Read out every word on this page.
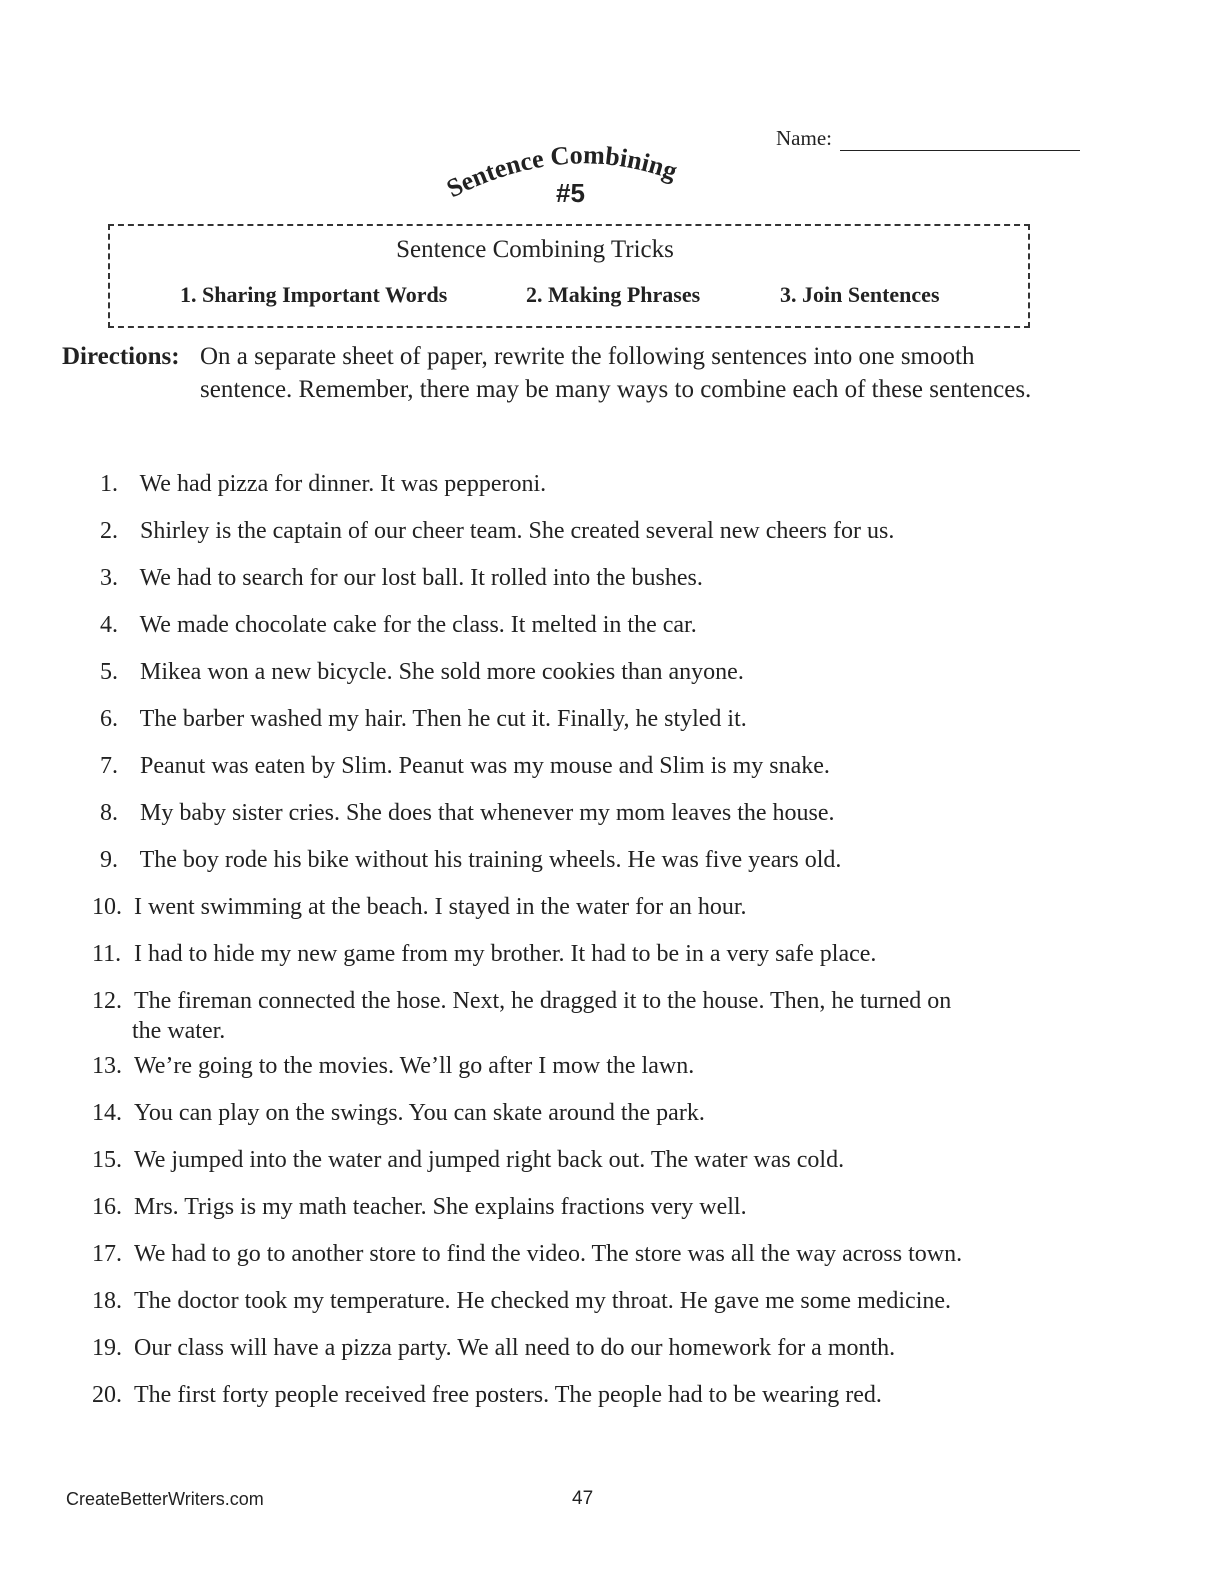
Name:
Sentence Combining
#5
Sentence Combining Tricks
1. Sharing Important Words	2. Making Phrases	3. Join Sentences
Directions: On a separate sheet of paper, rewrite the following sentences into one smooth sentence. Remember, there may be many ways to combine each of these sentences.
1. We had pizza for dinner. It was pepperoni.
2. Shirley is the captain of our cheer team. She created several new cheers for us.
3. We had to search for our lost ball. It rolled into the bushes.
4. We made chocolate cake for the class. It melted in the car.
5. Mikea won a new bicycle. She sold more cookies than anyone.
6. The barber washed my hair. Then he cut it. Finally, he styled it.
7. Peanut was eaten by Slim. Peanut was my mouse and Slim is my snake.
8. My baby sister cries. She does that whenever my mom leaves the house.
9. The boy rode his bike without his training wheels. He was five years old.
10. I went swimming at the beach. I stayed in the water for an hour.
11. I had to hide my new game from my brother. It had to be in a very safe place.
12. The fireman connected the hose. Next, he dragged it to the house. Then, he turned on
the water.
13. We’re going to the movies. We’ll go after I mow the lawn.
14. You can play on the swings. You can skate around the park.
15. We jumped into the water and jumped right back out. The water was cold.
16. Mrs. Trigs is my math teacher. She explains fractions very well.
17. We had to go to another store to find the video. The store was all the way across town.
18. The doctor took my temperature. He checked my throat. He gave me some medicine.
19. Our class will have a pizza party. We all need to do our homework for a month.
20. The first forty people received free posters. The people had to be wearing red.
CreateBetterWriters.com	47
